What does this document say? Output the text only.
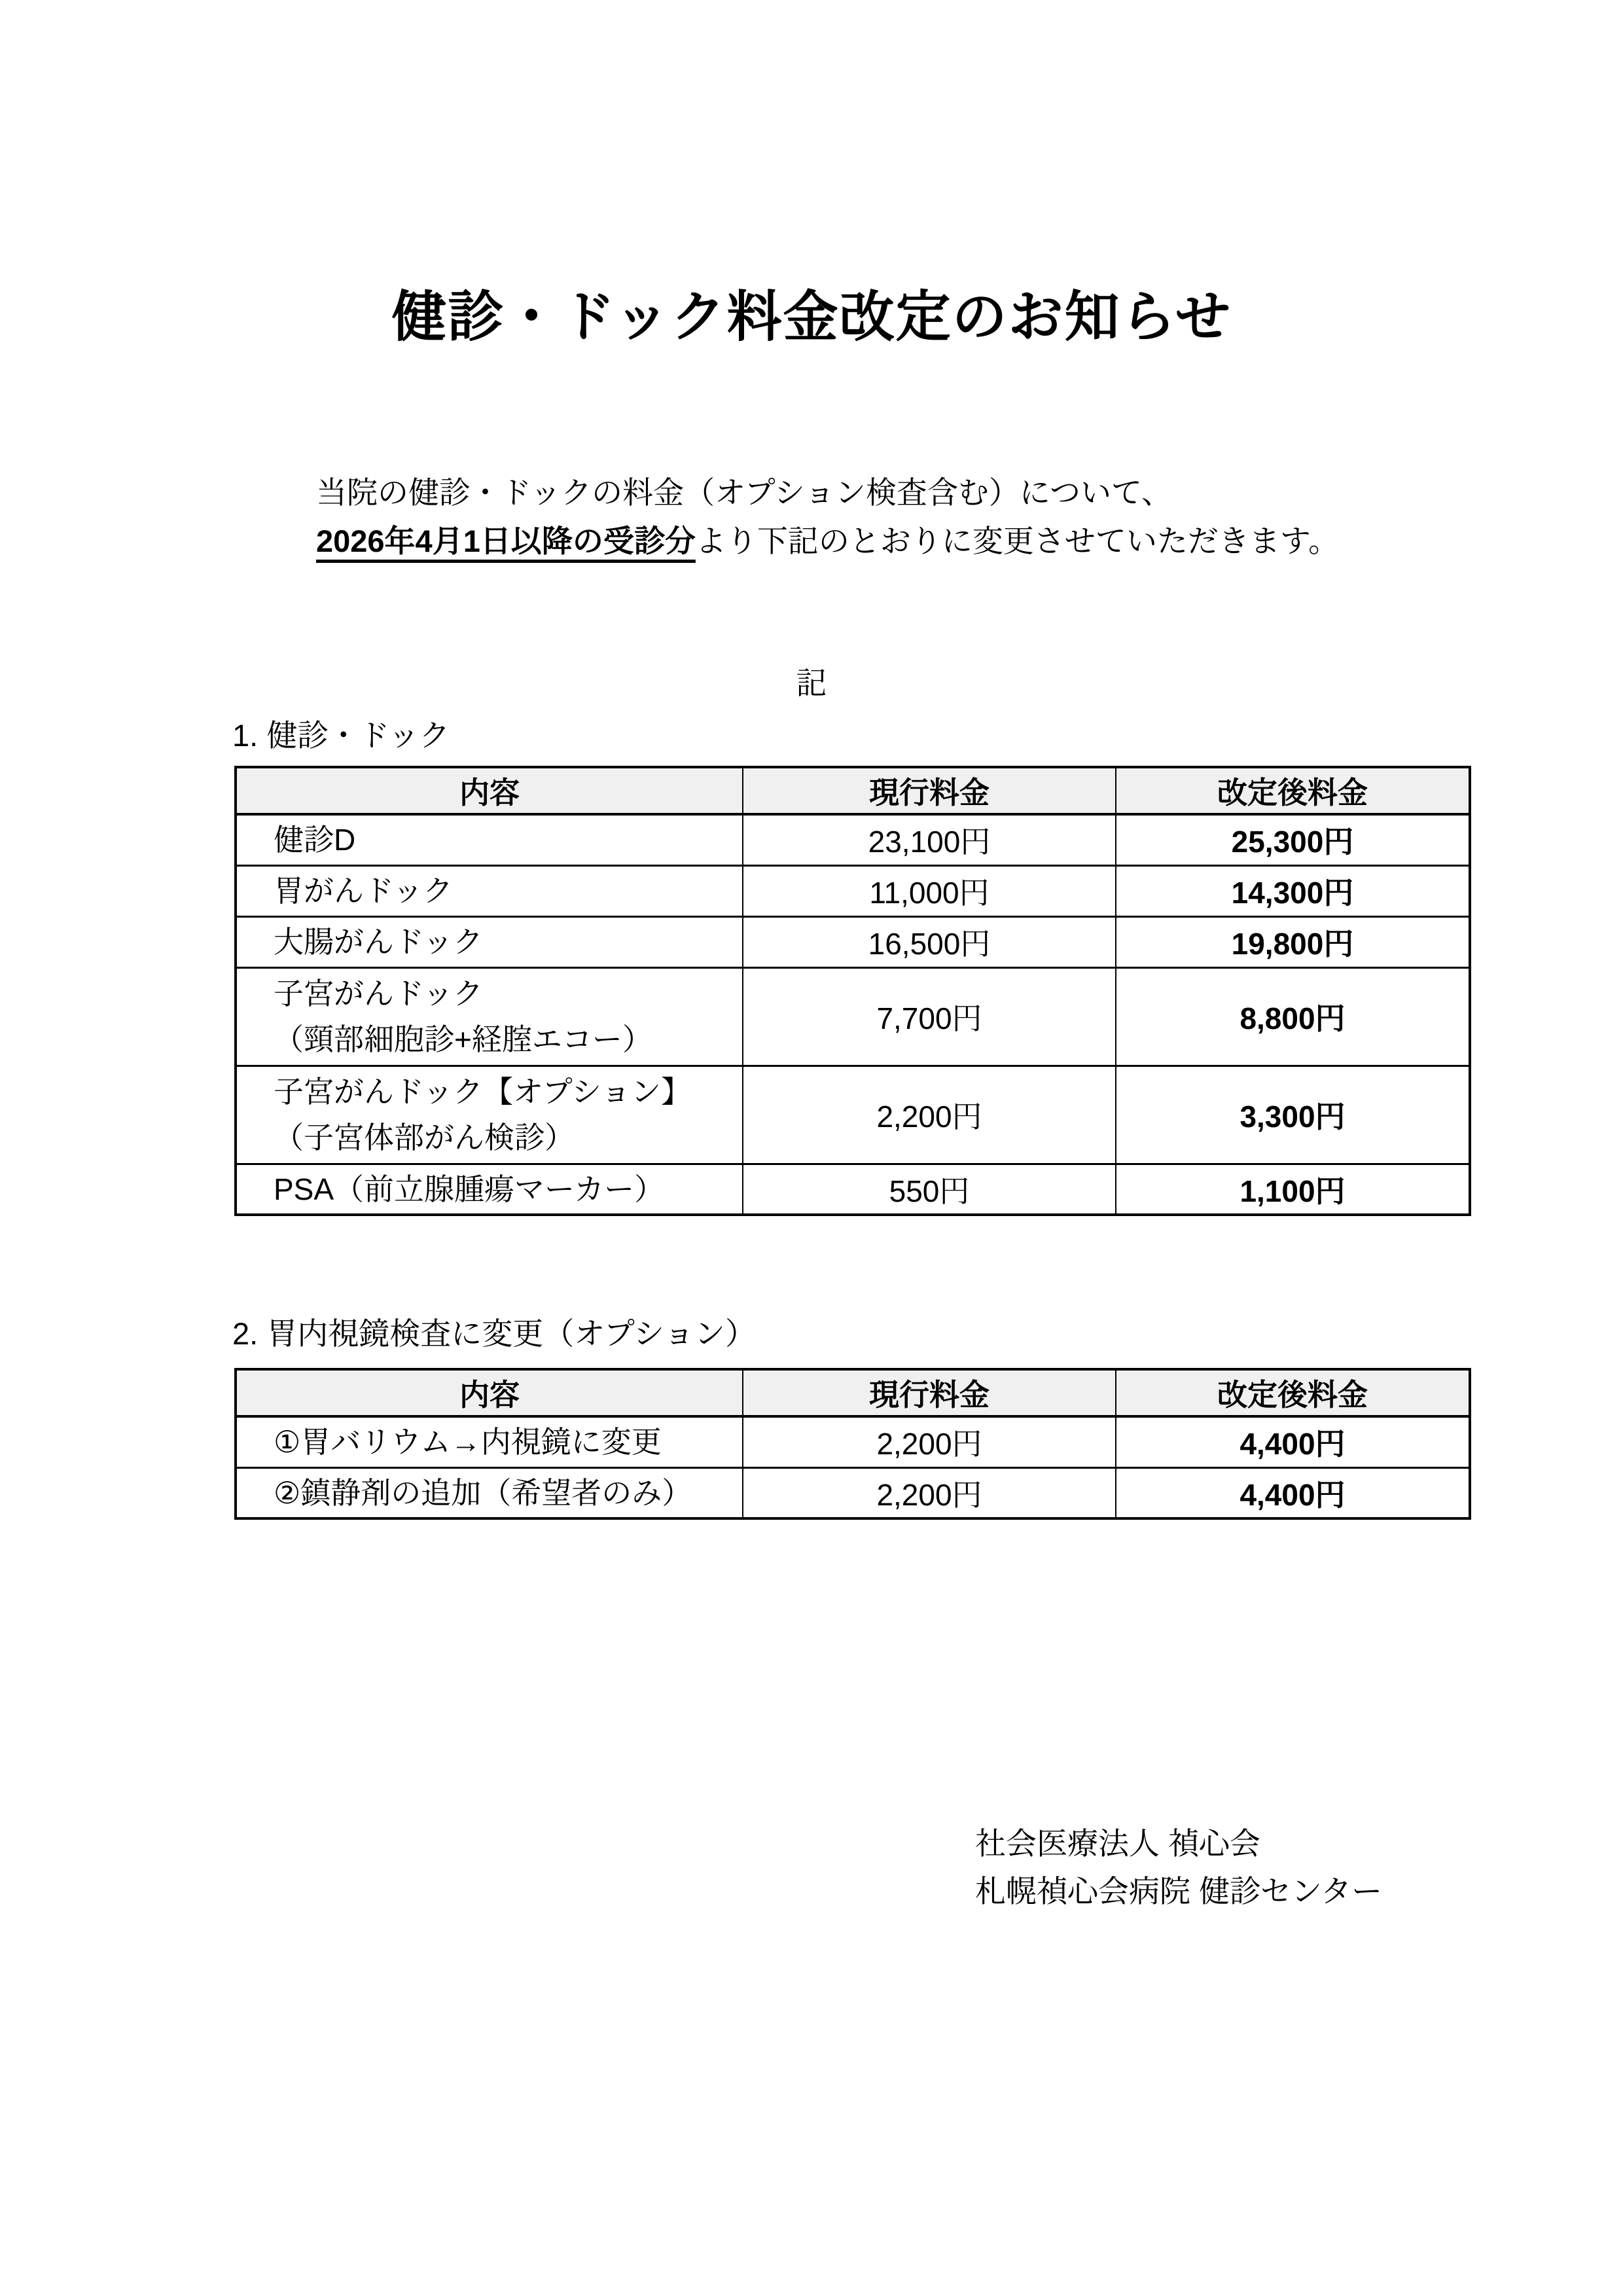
健診・ドック料金改定のお知らせ
当院の健診・ドックの料金（オプション検査含む）について、
2026年4月1日以降の受診分より下記のとおりに変更させていただきます。
記
1. 健診・ドック
内容	現行料金	改定後料金
健診D	23,100円	25,300円
胃がんドック	11,000円	14,300円
大腸がんドック	16,500円	19,800円

子宮がんドック
（頸部細胞診+経腟エコー）	7,700円	8,800円

子宮がんドック【オプション】
（子宮体部がん検診）	2,200円	3,300円
PSA（前立腺腫瘍マーカー）	550円	1,100円
2. 胃内視鏡検査に変更（オプション）
内容	現行料金	改定後料金
①胃バリウム→内視鏡に変更	2,200円	4,400円
②鎮静剤の追加（希望者のみ）	2,200円	4,400円
社会医療法人 禎心会
札幌禎心会病院 健診センター
